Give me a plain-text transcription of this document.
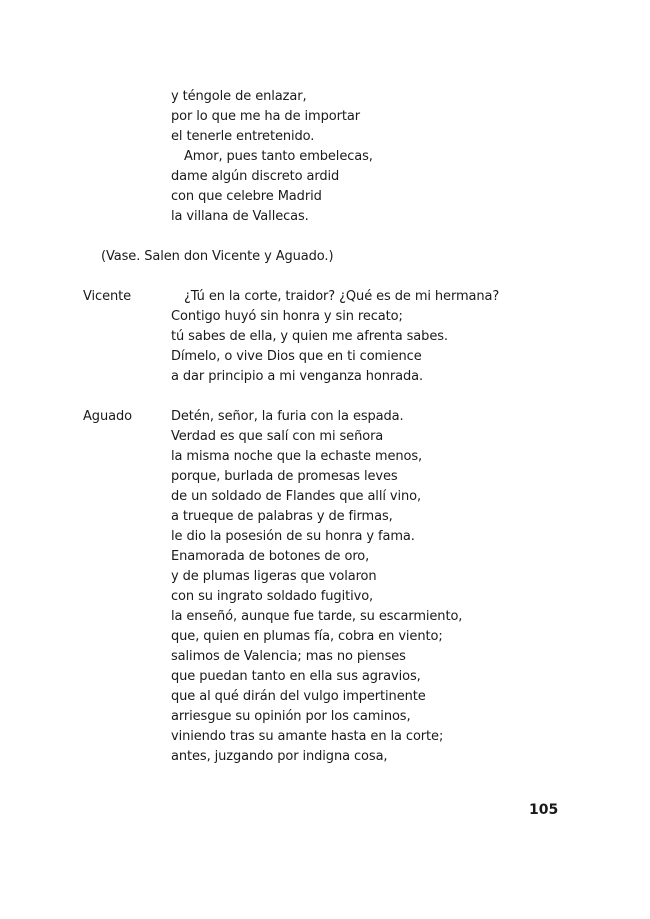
y téngole de enlazar,
por lo que me ha de importar
el tenerle entretenido.
Amor, pues tanto embelecas,
dame algún discreto ardid
con que celebre Madrid
la villana de Vallecas.
(Vase. Salen don Vicente y Aguado.)
Vicente	¿Tú en la corte, traidor? ¿Qué es de mi hermana?
Contigo huyó sin honra y sin recato;
tú sabes de ella, y quien me afrenta sabes.
Dímelo, o vive Dios que en ti comience
a dar principio a mi venganza honrada.
Aguado	Detén, señor, la furia con la espada.
Verdad es que salí con mi señora
la misma noche que la echaste menos,
porque, burlada de promesas leves
de un soldado de Flandes que allí vino,
a trueque de palabras y de firmas,
le dio la posesión de su honra y fama.
Enamorada de botones de oro,
y de plumas ligeras que volaron
con su ingrato soldado fugitivo,
la enseñó, aunque fue tarde, su escarmiento,
que, quien en plumas fía, cobra en viento;
salimos de Valencia; mas no pienses
que puedan tanto en ella sus agravios,
que al qué dirán del vulgo impertinente
arriesgue su opinión por los caminos,
viniendo tras su amante hasta en la corte;
antes, juzgando por indigna cosa,
105
